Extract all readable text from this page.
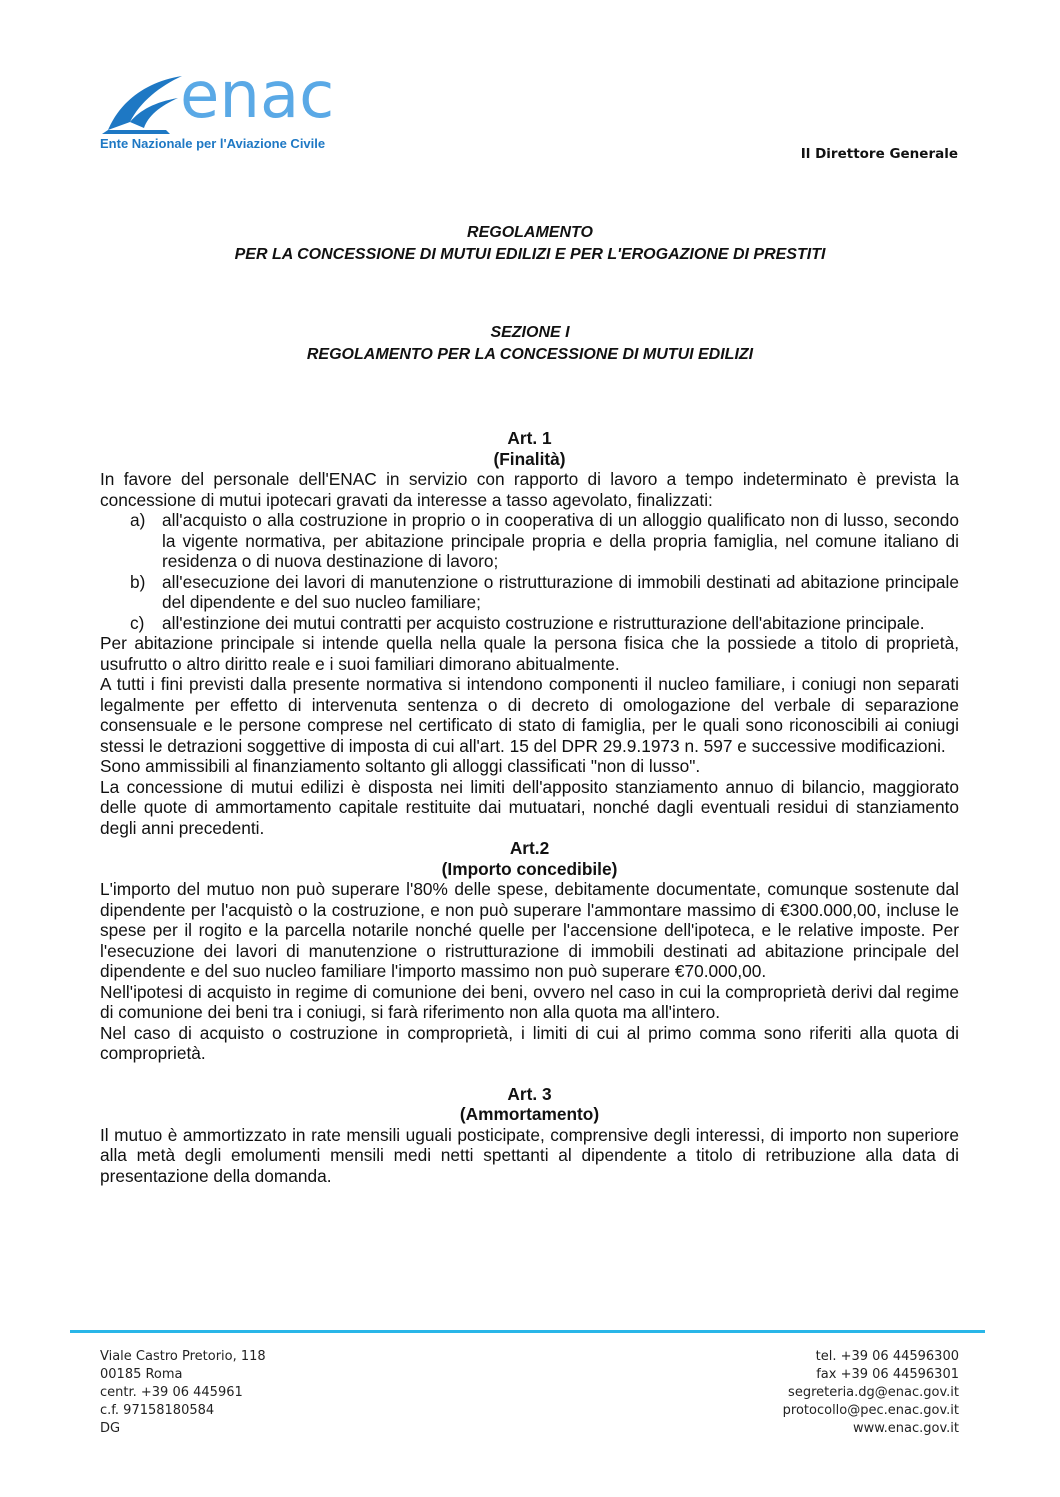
enac
Ente Nazionale per l'Aviazione Civile
Il Direttore Generale
REGOLAMENTO
PER LA CONCESSIONE DI MUTUI EDILIZI E PER L'EROGAZIONE DI PRESTITI
SEZIONE I
REGOLAMENTO PER LA CONCESSIONE DI MUTUI EDILIZI

Art. 1

(Finalità)

In favore del personale dell'ENAC in servizio con rapporto di lavoro a tempo indeterminato è prevista la concessione di mutui ipotecari gravati da interesse a tasso agevolato, finalizzati:

a) all'acquisto o alla costruzione in proprio o in cooperativa di un alloggio qualificato non di lusso, secondo la vigente normativa, per abitazione principale propria e della propria famiglia, nel comune italiano di residenza o di nuova destinazione di lavoro;
b) all'esecuzione dei lavori di manutenzione o ristrutturazione di immobili destinati ad abitazione principale del dipendente e del suo nucleo familiare;
c) all'estinzione dei mutui contratti per acquisto costruzione e ristrutturazione dell'abitazione principale.

Per abitazione principale si intende quella nella quale la persona fisica che la possiede a titolo di proprietà, usufrutto o altro diritto reale e i suoi familiari dimorano abitualmente.

A tutti i fini previsti dalla presente normativa si intendono componenti il nucleo familiare, i coniugi non separati legalmente per effetto di intervenuta sentenza o di decreto di omologazione del verbale di separazione consensuale e le persone comprese nel certificato di stato di famiglia, per le quali sono riconoscibili ai coniugi stessi le detrazioni soggettive di imposta di cui all'art. 15 del DPR 29.9.1973 n. 597 e successive modificazioni.

Sono ammissibili al finanziamento soltanto gli alloggi classificati "non di lusso".

La concessione di mutui edilizi è disposta nei limiti dell'apposito stanziamento annuo di bilancio, maggiorato delle quote di ammortamento capitale restituite dai mutuatari, nonché dagli eventuali residui di stanziamento degli anni precedenti.

Art.2

(Importo concedibile)

L'importo del mutuo non può superare l'80% delle spese, debitamente documentate, comunque sostenute dal dipendente per l'acquistò o la costruzione, e non può superare l'ammontare massimo di €300.000,00, incluse le spese per il rogito e la parcella notarile nonché quelle per l'accensione dell'ipoteca, e le relative imposte. Per l'esecuzione dei lavori di manutenzione o ristrutturazione di immobili destinati ad abitazione principale del dipendente e del suo nucleo familiare l'importo massimo non può superare €70.000,00.

Nell'ipotesi di acquisto in regime di comunione dei beni, ovvero nel caso in cui la comproprietà derivi dal regime di comunione dei beni tra i coniugi, si farà riferimento non alla quota ma all'intero.

Nel caso di acquisto o costruzione in comproprietà, i limiti di cui al primo comma sono riferiti alla quota di comproprietà.

Art. 3

(Ammortamento)

Il mutuo è ammortizzato in rate mensili uguali posticipate, comprensive degli interessi, di importo non superiore alla metà degli emolumenti mensili medi netti spettanti al dipendente a titolo di retribuzione alla data di presentazione della domanda.

Viale Castro Pretorio, 118
00185 Roma
centr. +39 06 445961
c.f. 97158180584
DG
tel. +39 06 44596300
fax +39 06 44596301
segreteria.dg@enac.gov.it
protocollo@pec.enac.gov.it
www.enac.gov.it
